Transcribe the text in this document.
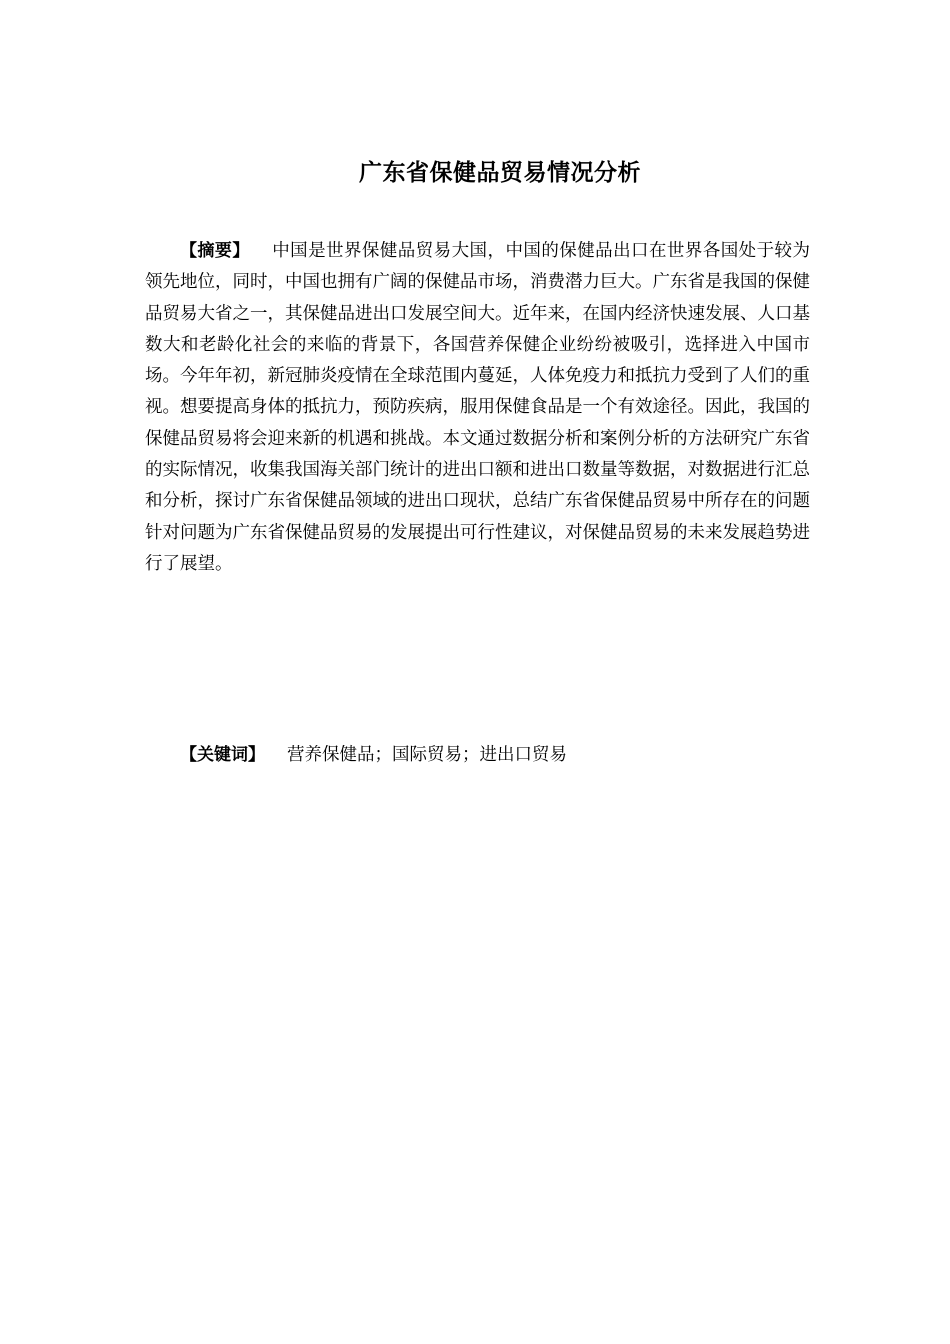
广东省保健品贸易情况分析
【摘要】 中国是世界保健品贸易大国，中国的保健品出口在世界各国处于较为领先地位，同时，中国也拥有广阔的保健品市场，消费潜力巨大。广东省是我国的保健品贸易大省之一，其保健品进出口发展空间大。近年来，在国内经济快速发展、人口基数大和老龄化社会的来临的背景下，各国营养保健企业纷纷被吸引，选择进入中国市场。今年年初，新冠肺炎疫情在全球范围内蔓延，人体免疫力和抵抗力受到了人们的重视。想要提高身体的抵抗力，预防疾病，服用保健食品是一个有效途径。因此，我国的保健品贸易将会迎来新的机遇和挑战。本文通过数据分析和案例分析的方法研究广东省的实际情况，收集我国海关部门统计的进出口额和进出口数量等数据，对数据进行汇总和分析，探讨广东省保健品领域的进出口现状，总结广东省保健品贸易中所存在的问题针对问题为广东省保健品贸易的发展提出可行性建议，对保健品贸易的未来发展趋势进行了展望。
【关键词】 营养保健品；国际贸易；进出口贸易
